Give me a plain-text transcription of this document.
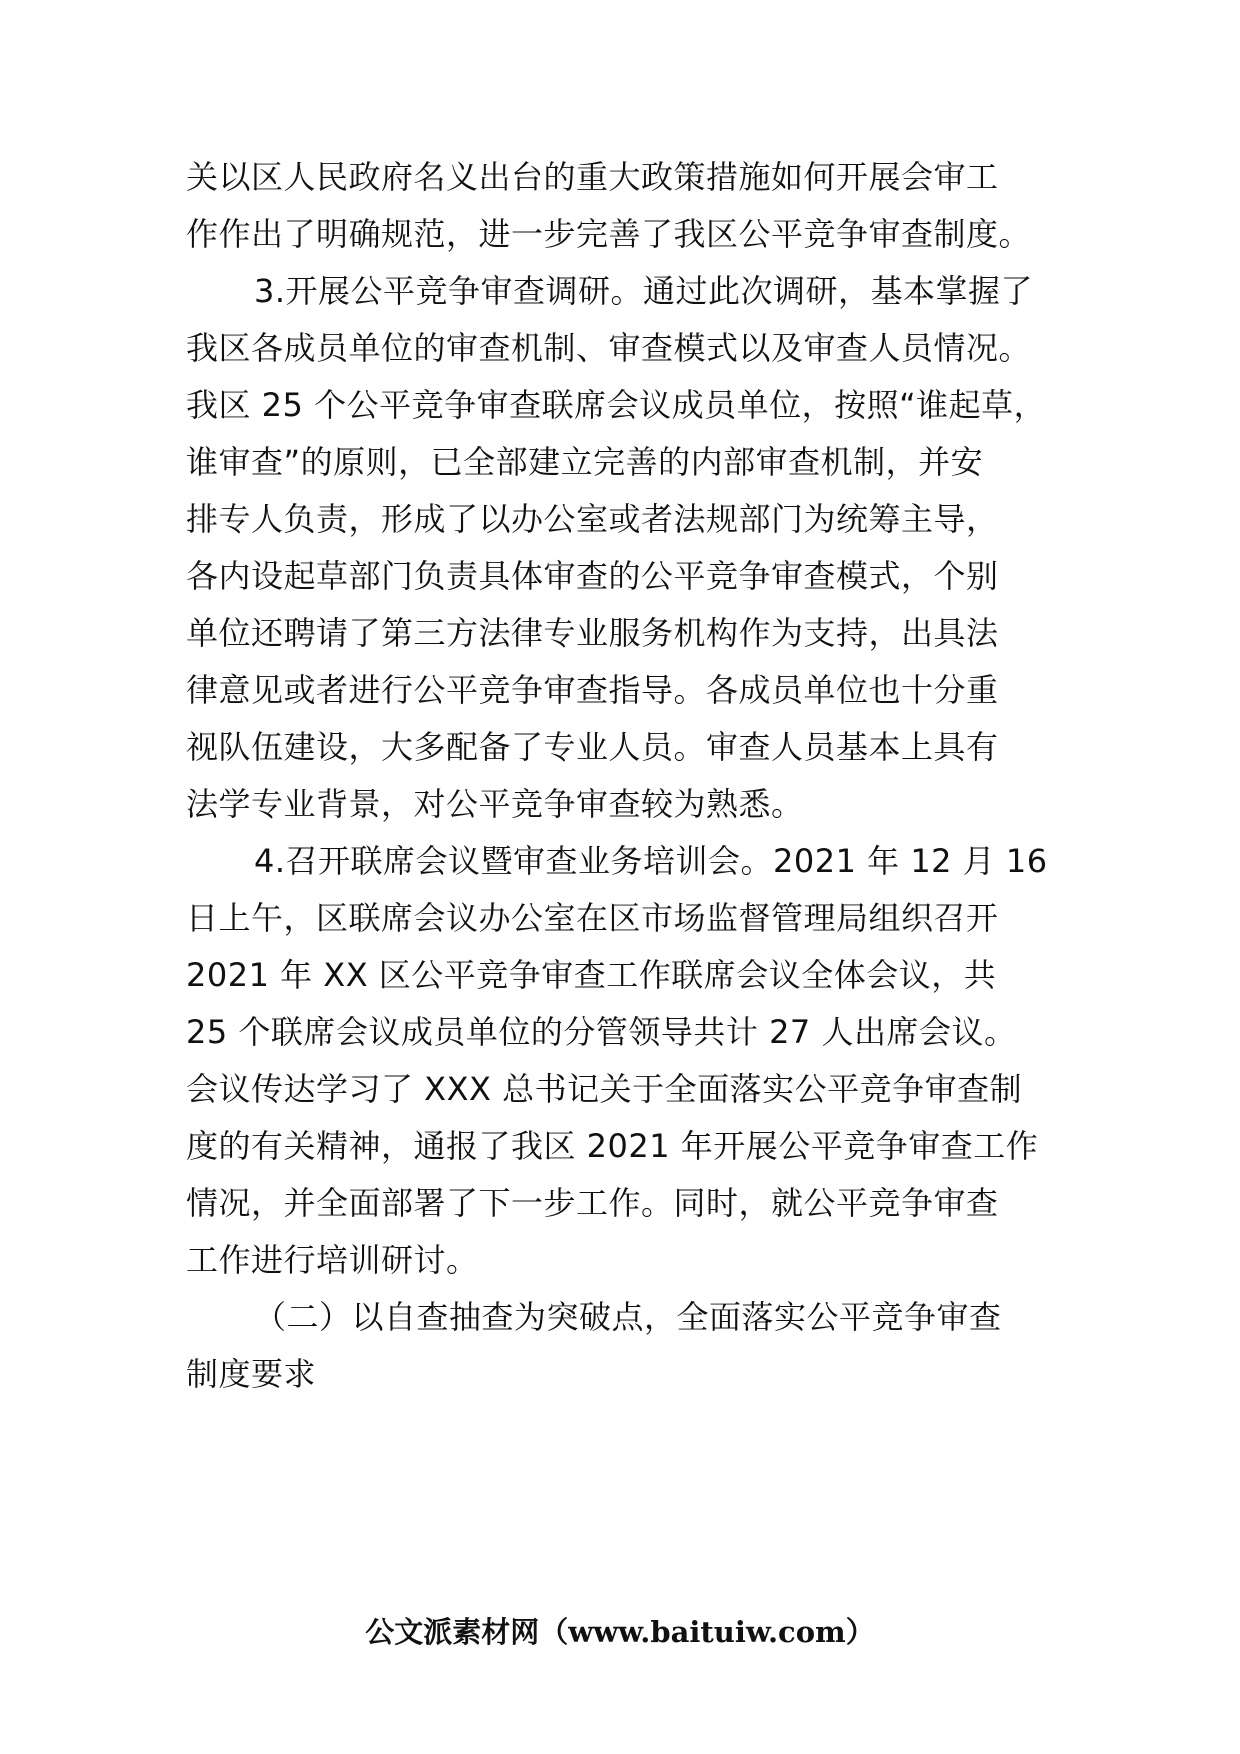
关以区人民政府名义出台的重大政策措施如何开展会审工
作作出了明确规范，进一步完善了我区公平竞争审查制度。
3.开展公平竞争审查调研。通过此次调研，基本掌握了
我区各成员单位的审查机制、审查模式以及审查人员情况。
我区 25 个公平竞争审查联席会议成员单位，按照“谁起草，
谁审查”的原则，已全部建立完善的内部审查机制，并安
排专人负责，形成了以办公室或者法规部门为统筹主导，
各内设起草部门负责具体审查的公平竞争审查模式，个别
单位还聘请了第三方法律专业服务机构作为支持，出具法
律意见或者进行公平竞争审查指导。各成员单位也十分重
视队伍建设，大多配备了专业人员。审查人员基本上具有
法学专业背景，对公平竞争审查较为熟悉。
4.召开联席会议暨审查业务培训会。2021 年 12 月 16
日上午，区联席会议办公室在区市场监督管理局组织召开
2021 年 XX 区公平竞争审查工作联席会议全体会议，共
25 个联席会议成员单位的分管领导共计 27 人出席会议。
会议传达学习了 XXX 总书记关于全面落实公平竞争审查制
度的有关精神，通报了我区 2021 年开展公平竞争审查工作
情况，并全面部署了下一步工作。同时，就公平竞争审查
工作进行培训研讨。
（二）以自查抽查为突破点，全面落实公平竞争审查
制度要求
公文派素材网（www.baituiw.com）
